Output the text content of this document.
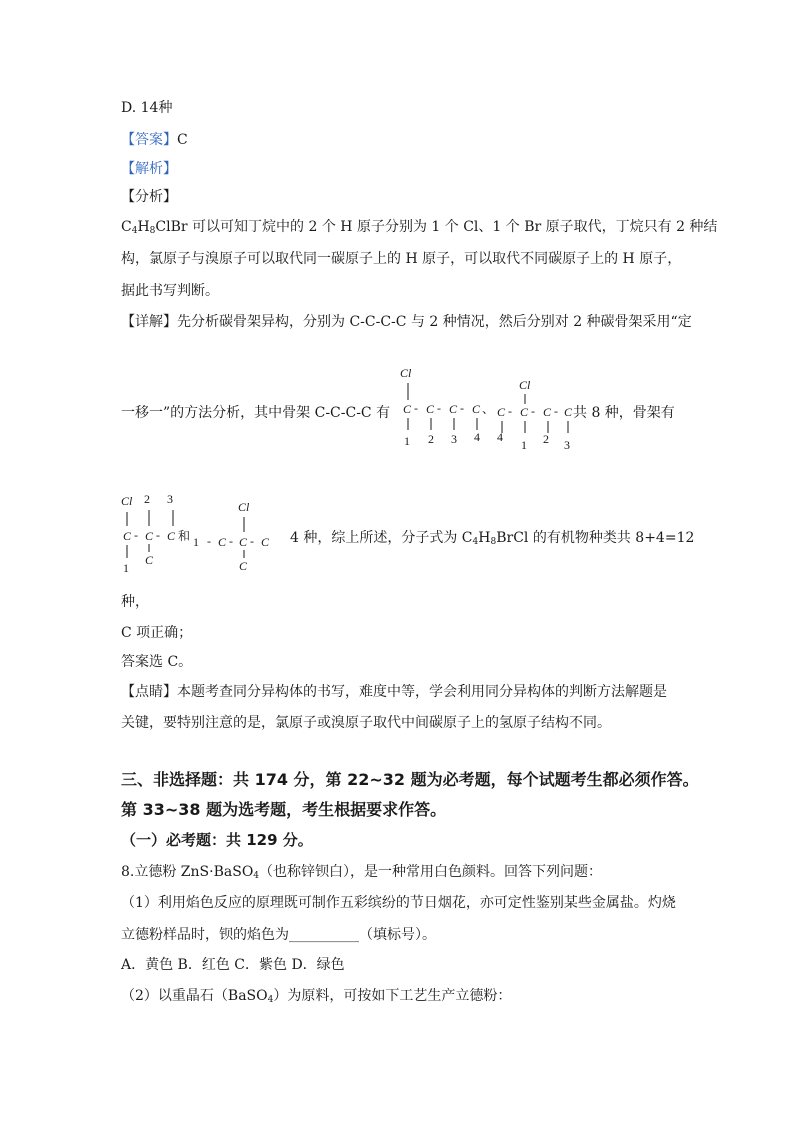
D. 14种
【答案】C
【解析】
【分析】
$C_4H_8ClBr$ 可以可知丁烷中的 2 个 H 原子分别为 1 个 Cl、1 个 Br 原子取代，丁烷只有 2 种结
构，氯原子与溴原子可以取代同一碳原子上的 H 原子，可以取代不同碳原子上的 H 原子，
据此书写判断。
【详解】先分析碳骨架异构，分别为 C-C-C-C 与 2 种情况，然后分别对 2 种碳骨架采用“定
一移一”的方法分析，其中骨架 C-C-C-C 有
Cl
C - C - C - C 、
1 2 3 4
Cl
C - C - C - C
4
1 2 3
共 8 种，骨架有
Cl 2 3
C - C - C 和
C
1
1 -
Cl
C - C - C
C
4 种，综上所述，分子式为 $C_4H_8BrCl$ 的有机物种类共 8+4=12
种，
C 项正确；
答案选 C。
【点睛】本题考查同分异构体的书写，难度中等，学会利用同分异构体的判断方法解题是
关键，要特别注意的是，氯原子或溴原子取代中间碳原子上的氢原子结构不同。
三、非选择题：共 174 分，第 22~32 题为必考题，每个试题考生都必须作答。
第 33~38 题为选考题，考生根据要求作答。
（一）必考题：共 129 分。
8.立德粉 ZnS·BaSO$_4$（也称锌钡白），是一种常用白色颜料。回答下列问题：
（1）利用焰色反应的原理既可制作五彩缤纷的节日烟花，亦可定性鉴别某些金属盐。灼烧
立德粉样品时，钡的焰色为__________（填标号）。
A．黄色 B．红色 C．紫色 D．绿色
（2）以重晶石（BaSO$_4$）为原料，可按如下工艺生产立德粉：
